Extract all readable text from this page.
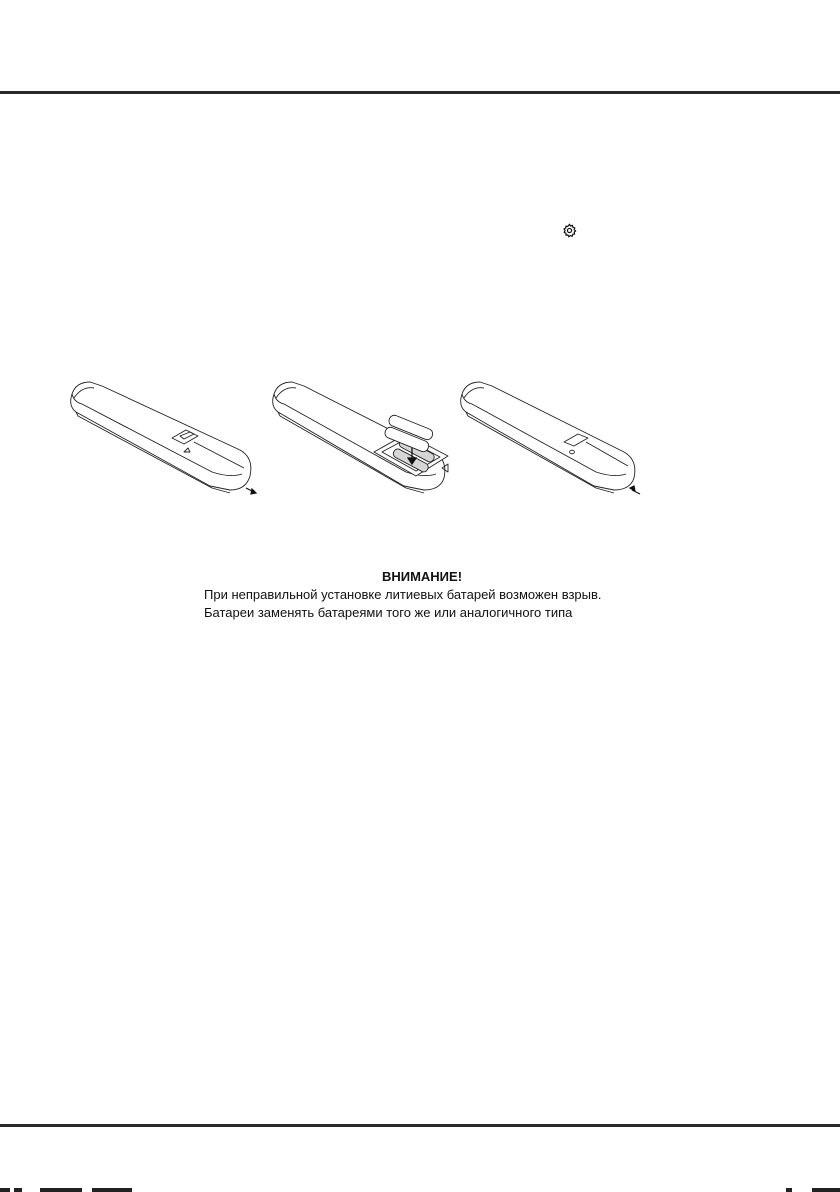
ВНИМАНИЕ!
При неправильной установке литиевых батарей возможен взрыв.
Батареи заменять батареями того же или аналогичного типа
